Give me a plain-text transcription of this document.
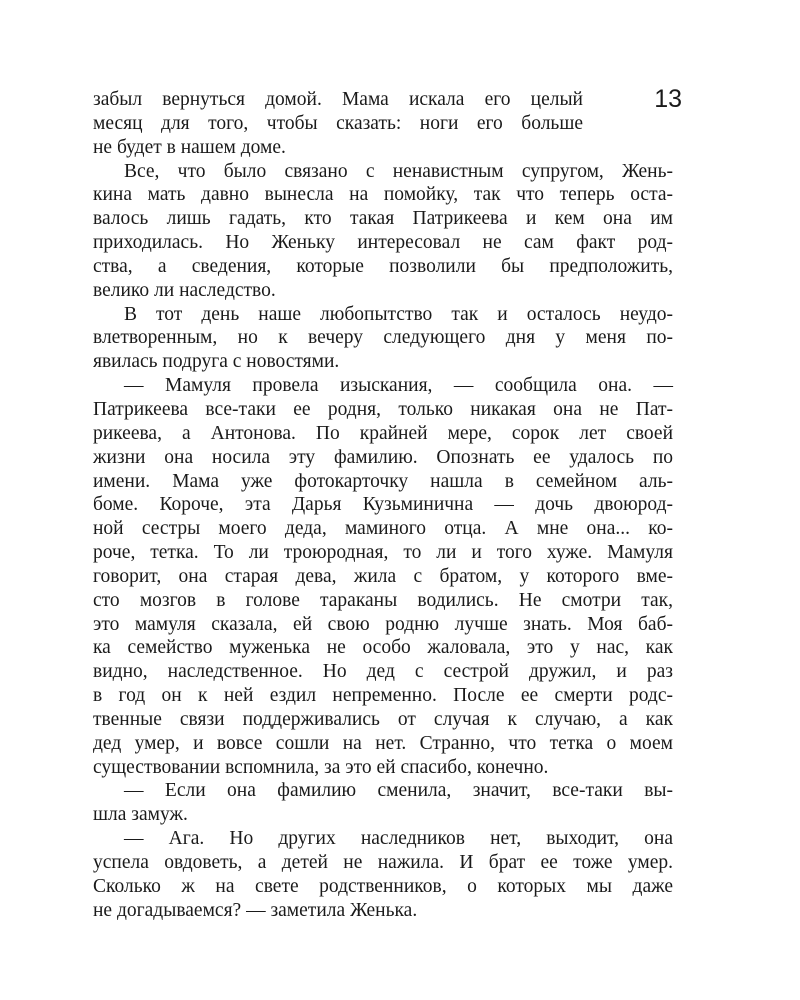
13
забыл вернуться домой. Мама искала его целый
месяц для того, чтобы сказать: ноги его больше
не будет в нашем доме.
Все, что было связано с ненавистным супругом, Жень-
кина мать давно вынесла на помойку, так что теперь оста-
валось лишь гадать, кто такая Патрикеева и кем она им
приходилась. Но Женьку интересовал не сам факт род-
ства, а сведения, которые позволили бы предположить,
велико ли наследство.
В тот день наше любопытство так и осталось неудо-
влетворенным, но к вечеру следующего дня у меня по-
явилась подруга с новостями.
— Мамуля провела изыскания, — сообщила она. —
Патрикеева все-таки ее родня, только никакая она не Пат-
рикеева, а Антонова. По крайней мере, сорок лет своей
жизни она носила эту фамилию. Опознать ее удалось по
имени. Мама уже фотокарточку нашла в семейном аль-
боме. Короче, эта Дарья Кузьминична — дочь двоюрод-
ной сестры моего деда, маминого отца. А мне она... ко-
роче, тетка. То ли троюродная, то ли и того хуже. Мамуля
говорит, она старая дева, жила с братом, у которого вме-
сто мозгов в голове тараканы водились. Не смотри так,
это мамуля сказала, ей свою родню лучше знать. Моя баб-
ка семейство муженька не особо жаловала, это у нас, как
видно, наследственное. Но дед с сестрой дружил, и раз
в год он к ней ездил непременно. После ее смерти родс-
твенные связи поддерживались от случая к случаю, а как
дед умер, и вовсе сошли на нет. Странно, что тетка о моем
существовании вспомнила, за это ей спасибо, конечно.
— Если она фамилию сменила, значит, все-таки вы-
шла замуж.
— Ага. Но других наследников нет, выходит, она
успела овдоветь, а детей не нажила. И брат ее тоже умер.
Сколько ж на свете родственников, о которых мы даже
не догадываемся? — заметила Женька.
